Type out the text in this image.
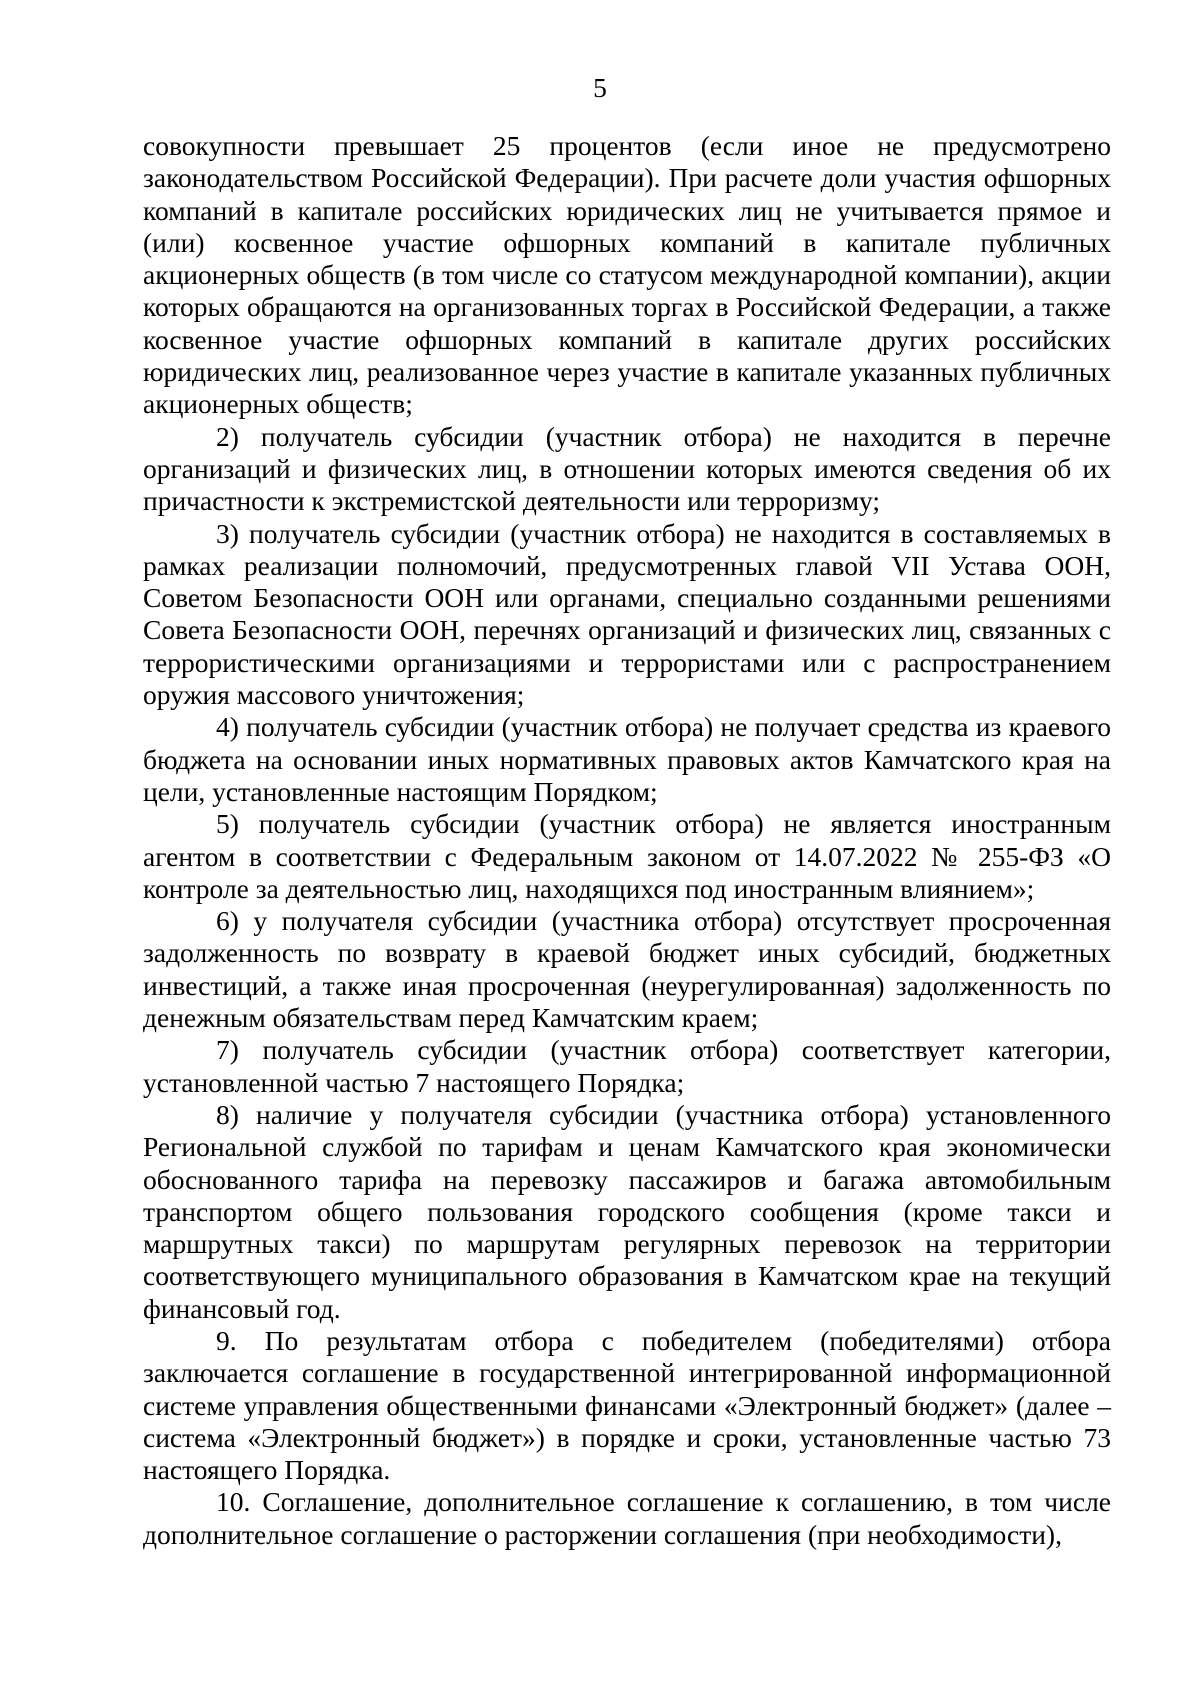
5

совокупности превышает 25 процентов (если иное не предусмотрено законодательством Российской Федерации). При расчете доли участия офшорных компаний в капитале российских юридических лиц не учитывается прямое и (или) косвенное участие офшорных компаний в капитале публичных акционерных обществ (в том числе со статусом международной компании), акции которых обращаются на организованных торгах в Российской Федерации, а также косвенное участие офшорных компаний в капитале других российских юридических лиц, реализованное через участие в капитале указанных публичных акционерных обществ;

2) получатель субсидии (участник отбора) не находится в перечне организаций и физических лиц, в отношении которых имеются сведения об их причастности к экстремистской деятельности или терроризму;

3) получатель субсидии (участник отбора) не находится в составляемых в рамках реализации полномочий, предусмотренных главой VII Устава ООН, Советом Безопасности ООН или органами, специально созданными решениями Совета Безопасности ООН, перечнях организаций и физических лиц, связанных с террористическими организациями и террористами или с распространением оружия массового уничтожения;

4) получатель субсидии (участник отбора) не получает средства из краевого бюджета на основании иных нормативных правовых актов Камчатского края на цели, установленные настоящим Порядком;

5) получатель субсидии (участник отбора) не является иностранным агентом в соответствии с Федеральным законом от 14.07.2022 № 255-ФЗ «О контроле за деятельностью лиц, находящихся под иностранным влиянием»;

6) у получателя субсидии (участника отбора) отсутствует просроченная задолженность по возврату в краевой бюджет иных субсидий, бюджетных инвестиций, а также иная просроченная (неурегулированная) задолженность по денежным обязательствам перед Камчатским краем;

7) получатель субсидии (участник отбора) соответствует категории, установленной частью 7 настоящего Порядка;

8) наличие у получателя субсидии (участника отбора) установленного Региональной службой по тарифам и ценам Камчатского края экономически обоснованного тарифа на перевозку пассажиров и багажа автомобильным транспортом общего пользования городского сообщения (кроме такси и маршрутных такси) по маршрутам регулярных перевозок на территории соответствующего муниципального образования в Камчатском крае на текущий финансовый год.

9. По результатам отбора с победителем (победителями) отбора заключается соглашение в государственной интегрированной информационной системе управления общественными финансами «Электронный бюджет» (далее – система «Электронный бюджет») в порядке и сроки, установленные частью 73 настоящего Порядка.

10. Соглашение, дополнительное соглашение к соглашению, в том числе дополнительное соглашение о расторжении соглашения (при необходимости),
